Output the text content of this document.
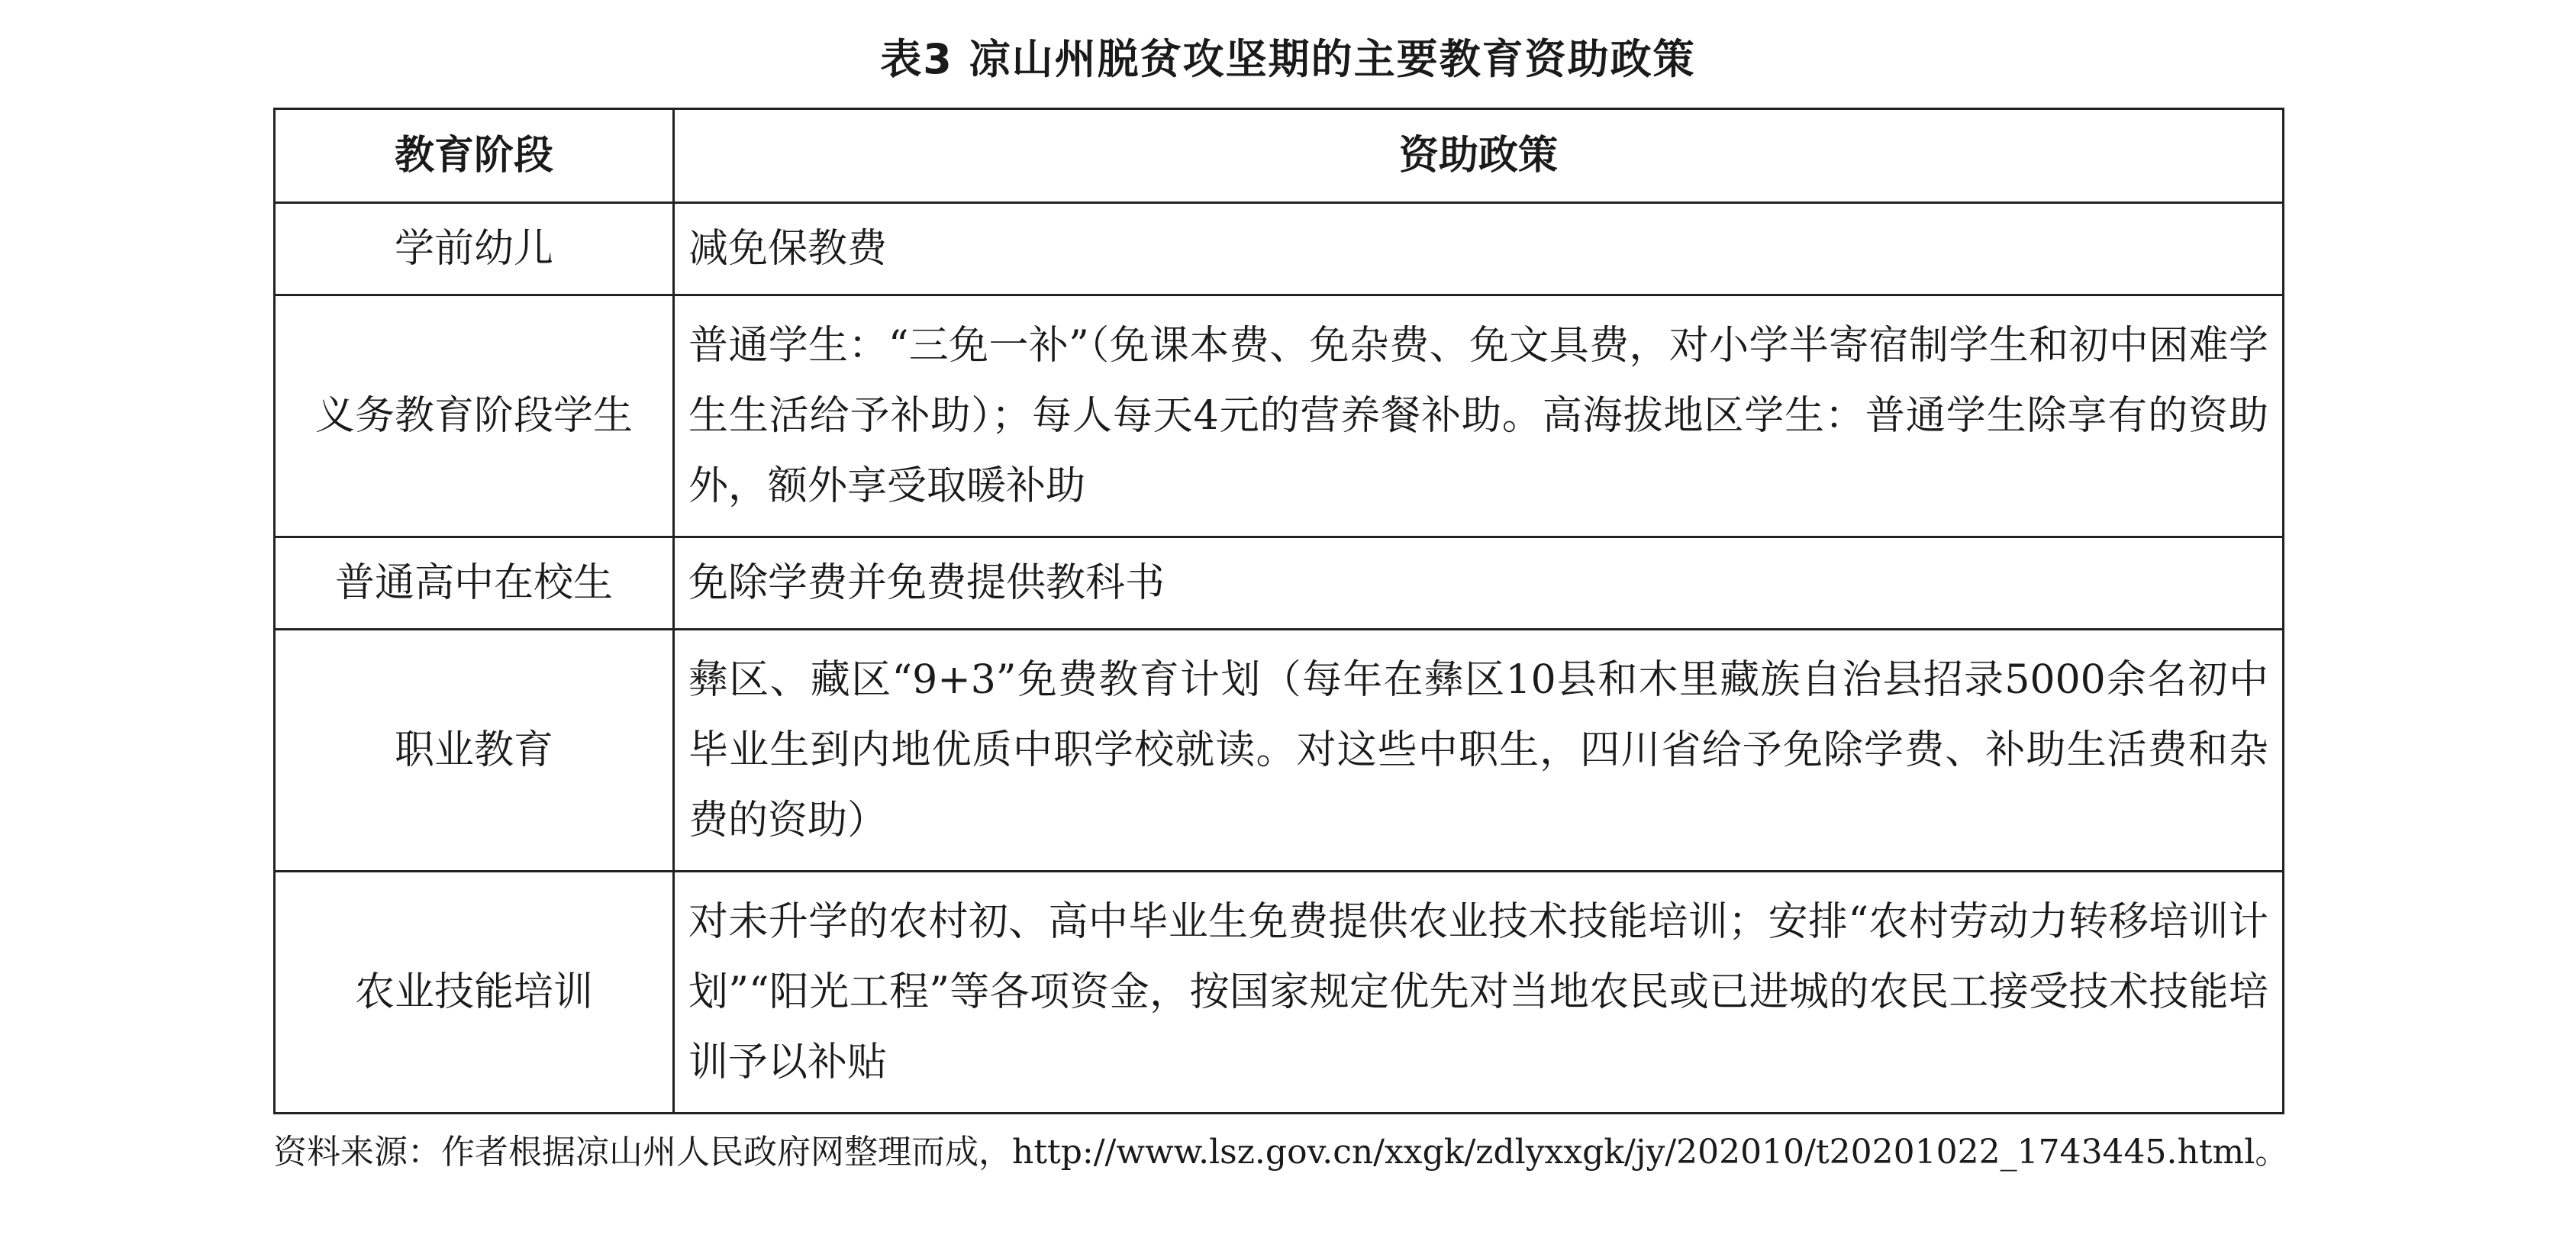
表3 凉山州脱贫攻坚期的主要教育资助政策
教育阶段	资助政策
学前幼儿	减免保教费
义务教育阶段学生	普通学生：“三免一补”（免课本费、免杂费、免文具费，对小学半寄宿制学生和初中困难学生生活给予补助）；每人每天4元的营养餐补助。高海拔地区学生：普通学生除享有的资助外，额外享受取暖补助
普通高中在校生	免除学费并免费提供教科书
职业教育	彝区、藏区“9+3”免费教育计划（每年在彝区10县和木里藏族自治县招录5000余名初中毕业生到内地优质中职学校就读。对这些中职生，四川省给予免除学费、补助生活费和杂费的资助）
农业技能培训	对未升学的农村初、高中毕业生免费提供农业技术技能培训；安排“农村劳动力转移培训计划”“阳光工程”等各项资金，按国家规定优先对当地农民或已进城的农民工接受技术技能培训予以补贴
资料来源：作者根据凉山州人民政府网整理而成，http://www.lsz.gov.cn/xxgk/zdlyxxgk/jy/202010/t20201022_1743445.html。
